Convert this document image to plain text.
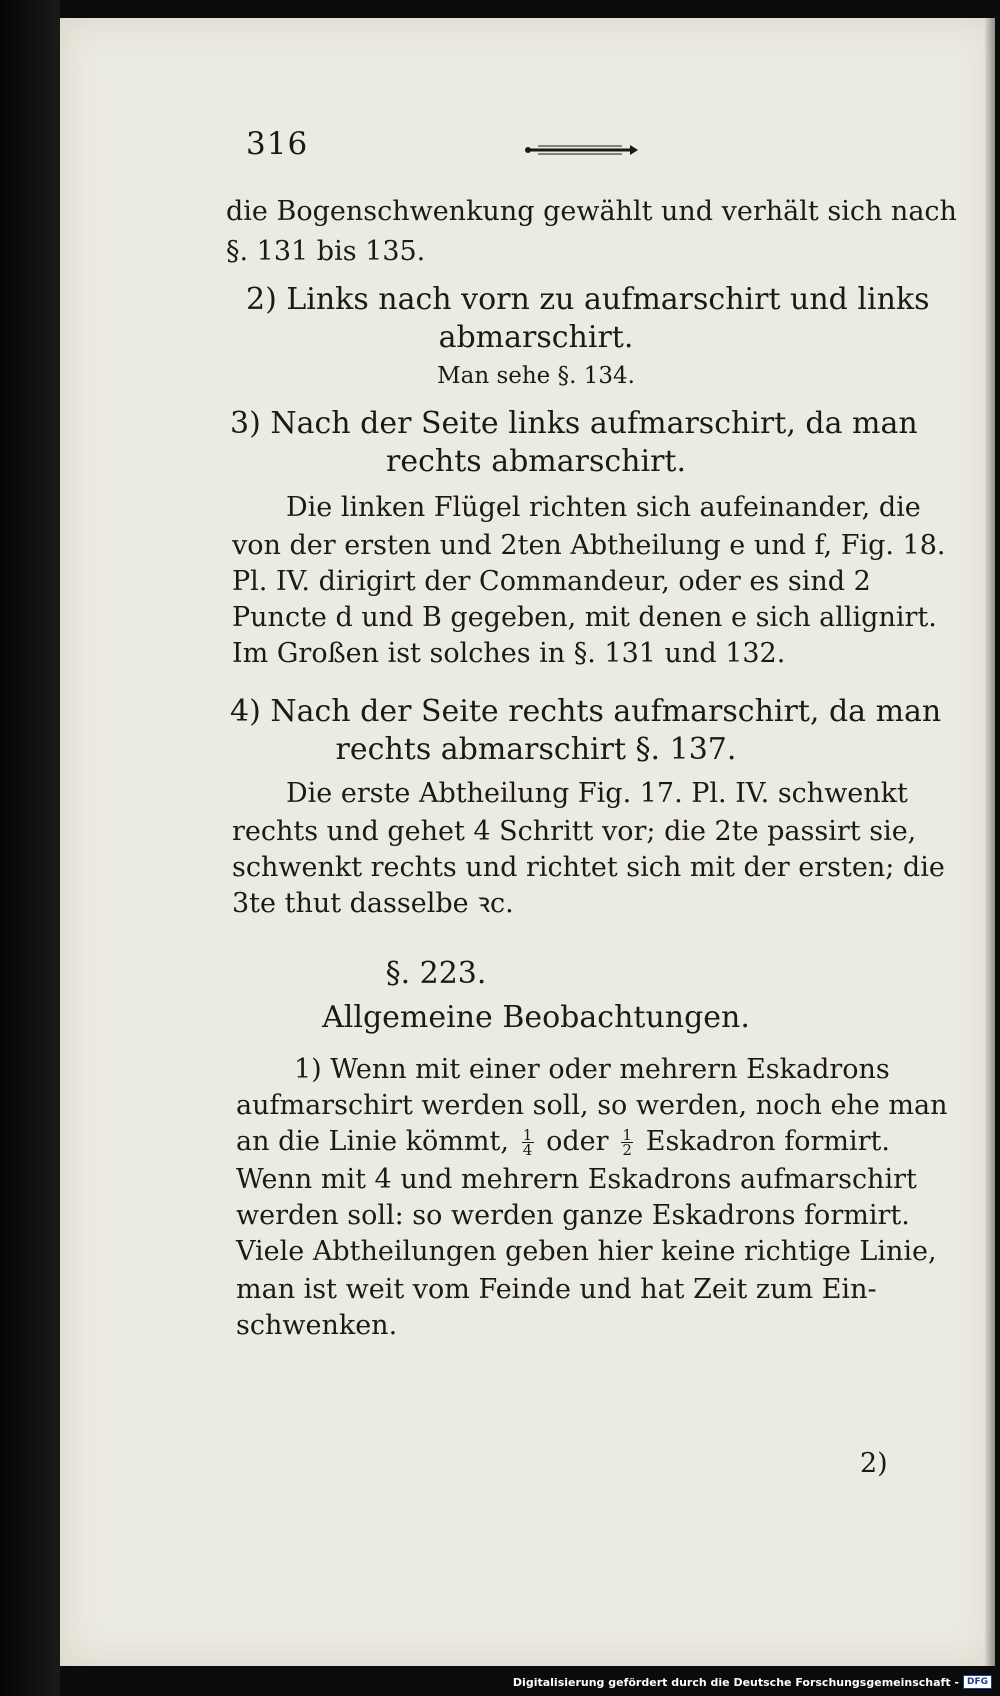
316
die Bogenschwenkung gewählt und verhält sich nach
§. 131 bis 135.
2) Links nach vorn zu aufmarschirt und links
abmarschirt.
Man sehe §. 134.
3) Nach der Seite links aufmarschirt, da man
rechts abmarschirt.
Die linken Flügel richten sich aufeinander, die
von der ersten und 2ten Abtheilung e und f, Fig. 18.
Pl. IV. dirigirt der Commandeur, oder es sind 2
Puncte d und B gegeben, mit denen e sich allignirt.
Im Großen ist solches in §. 131 und 132.
4) Nach der Seite rechts aufmarschirt, da man
rechts abmarschirt §. 137.
Die erste Abtheilung Fig. 17. Pl. IV. schwenkt
rechts und gehet 4 Schritt vor; die 2te passirt sie,
schwenkt rechts und richtet sich mit der ersten; die
3te thut dasselbe ꝛc.
§. 223.
Allgemeine Beobachtungen.
1) Wenn mit einer oder mehrern Eskadrons
aufmarschirt werden soll, so werden, noch ehe man
an die Linie kömmt, $\frac{1}{4}$ oder $\frac{1}{2}$ Eskadron formirt.
Wenn mit 4 und mehrern Eskadrons aufmarschirt
werden soll: so werden ganze Eskadrons formirt.
Viele Abtheilungen geben hier keine richtige Linie,
man ist weit vom Feinde und hat Zeit zum Ein-
schwenken.
2)
Digitalisierung gefördert durch die Deutsche Forschungsgemeinschaft - DFG
